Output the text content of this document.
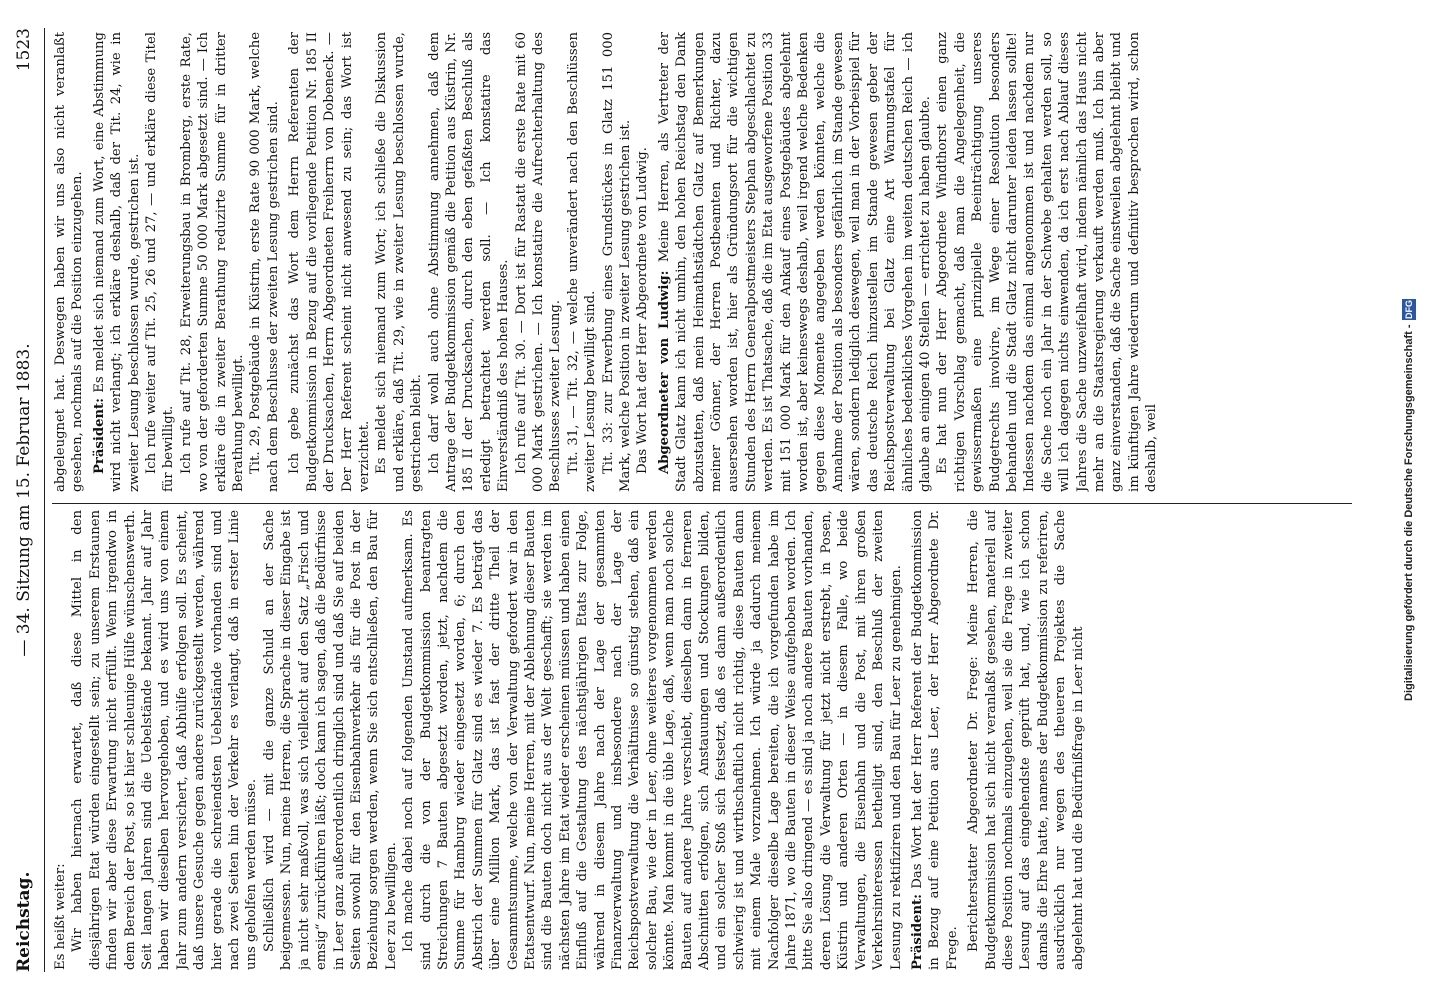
Reichstag.
— 34. Sitzung am 15. Februar 1883.
1523

Es heißt weiter: Wir haben hiernach erwartet, daß diese Mittel in den diesjährigen Etat würden eingestellt sein; zu unserem Erstaunen finden wir aber diese Erwartung nicht erfüllt. Wenn irgendwo in dem Bereich der Post, so ist hier schleunige Hülfe wünschenswerth. Seit langen Jahren sind die Uebelstände bekannt. Jahr auf Jahr haben wir dieselben hervorgehoben, und es wird uns von einem Jahr zum andern versichert, daß Abhülfe erfolgen soll. Es scheint, daß unsere Gesuche gegen andere zurückgestellt werden, während hier gerade die schreiendsten Uebelstände vorhanden sind und nach zwei Seiten hin der Verkehr es verlangt, daß in erster Linie uns geholfen werden müsse. Schließlich wird — mit die ganze Schuld an der Sache beigemessen. Nun, meine Herren, die Sprache in dieser Eingabe ist ja nicht sehr maßvoll, was sich vielleicht auf den Satz „Frisch und emsig“ zurückführen läßt; doch kann ich sagen, daß die Bedürfnisse in Leer ganz außerordentlich dringlich sind und daß Sie auf beiden Seiten sowohl für den Eisenbahnverkehr als für die Post in der Beziehung sorgen werden, wenn Sie sich entschließen, den Bau für Leer zu bewilligen. Ich mache dabei noch auf folgenden Umstand aufmerksam. Es sind durch die von der Budgetkommission beantragten Streichungen 7 Bauten abgesetzt worden, jetzt, nachdem die Summe für Hamburg wieder eingesetzt worden, 6; durch den Abstrich der Summen für Glatz sind es wieder 7. Es beträgt das über eine Million Mark, das ist fast der dritte Theil der Gesammtsumme, welche von der Verwaltung gefordert war in den Etatsentwurf. Nun, meine Herren, mit der Ablehnung dieser Bauten sind die Bauten doch nicht aus der Welt geschafft; sie werden im nächsten Jahre im Etat wieder erscheinen müssen und haben einen Einfluß auf die Gestaltung des nächstjährigen Etats zur Folge, während in diesem Jahre nach der Lage der gesammten Finanzverwaltung und insbesondere nach der Lage der Reichspostverwaltung die Verhältnisse so günstig stehen, daß ein solcher Bau, wie der in Leer, ohne weiteres vorgenommen werden könnte. Man kommt in die üble Lage, daß, wenn man noch solche Bauten auf andere Jahre verschiebt, dieselben dann in ferneren Abschnitten erfolgen, sich Anstauungen und Stockungen bilden, und ein solcher Stoß sich festsetzt, daß es dann außerordentlich schwierig ist und wirthschaftlich nicht richtig, diese Bauten dann mit einem Male vorzunehmen. Ich würde ja dadurch meinem Nachfolger dieselbe Lage bereiten, die ich vorgefunden habe im Jahre 1871, wo die Bauten in dieser Weise aufgehoben worden. Ich bitte Sie also dringend — es sind ja noch andere Bauten vorhanden, deren Lösung die Verwaltung für jetzt nicht erstrebt, in Posen, Küstrin und anderen Orten — in diesem Falle, wo beide Verwaltungen, die Eisenbahn und die Post, mit ihren großen Verkehrsinteressen betheiligt sind, den Beschluß der zweiten Lesung zu rektifiziren und den Bau für Leer zu genehmigen. Präsident: Das Wort hat der Herr Referent der Budgetkommission in Bezug auf eine Petition aus Leer, der Herr Abgeordnete Dr. Frege. Berichterstatter Abgeordneter Dr. Frege: Meine Herren, die Budgetkommission hat sich nicht veranlaßt gesehen, materiell auf diese Position nochmals einzugehen, weil sie die Frage in zweiter Lesung auf das eingehendste geprüft hat, und, wie ich schon damals die Ehre hatte, namens der Budgetkommission zu referiren, ausdrücklich nur wegen des theueren Projektes die Sache abgelehnt hat und die Bedürfnißfrage in Leer nicht

abgeleugnet hat. Deswegen haben wir uns also nicht veranlaßt gesehen, nochmals auf die Position einzugehen. Präsident: Es meldet sich niemand zum Wort, eine Abstimmung wird nicht verlangt; ich erkläre deshalb, daß der Tit. 24, wie in zweiter Lesung beschlossen wurde, gestrichen ist. Ich rufe weiter auf Tit. 25, 26 und 27, — und erkläre diese Titel für bewilligt. Ich rufe auf Tit. 28, Erweiterungsbau in Bromberg, erste Rate, wo von der geforderten Summe 50 000 Mark abgesetzt sind. — Ich erkläre die in zweiter Berathung reduzirte Summe für in dritter Berathung bewilligt. Tit. 29, Postgebäude in Küstrin, erste Rate 90 000 Mark, welche nach dem Beschlusse der zweiten Lesung gestrichen sind. Ich gebe zunächst das Wort dem Herrn Referenten der Budgetkommission in Bezug auf die vorliegende Petition Nr. 185 II der Drucksachen, Herrn Abgeordneten Freiherrn von Dobeneck. — Der Herr Referent scheint nicht anwesend zu sein; das Wort ist verzichtet. Es meldet sich niemand zum Wort; ich schließe die Diskussion und erkläre, daß Tit. 29, wie in zweiter Lesung beschlossen wurde, gestrichen bleibt. Ich darf wohl auch ohne Abstimmung annehmen, daß dem Antrage der Budgetkommission gemäß die Petition aus Küstrin, Nr. 185 II der Drucksachen, durch den eben gefaßten Beschluß als erledigt betrachtet werden soll. — Ich konstatire das Einverständniß des hohen Hauses. Ich rufe auf Tit. 30. — Dort ist für Rastatt die erste Rate mit 60 000 Mark gestrichen. — Ich konstatire die Aufrechterhaltung des Beschlusses zweiter Lesung. Tit. 31, — Tit. 32, — welche unverändert nach den Beschlüssen zweiter Lesung bewilligt sind. Tit. 33: zur Erwerbung eines Grundstückes in Glatz 151 000 Mark, welche Position in zweiter Lesung gestrichen ist. Das Wort hat der Herr Abgeordnete von Ludwig. Abgeordneter von Ludwig: Meine Herren, als Vertreter der Stadt Glatz kann ich nicht umhin, den hohen Reichstag den Dank abzustatten, daß mein Heimathstädtchen Glatz auf Bemerkungen meiner Gönner, der Herren Postbeamten und Richter, dazu ausersehen worden ist, hier als Gründungsort für die wichtigen Stunden des Herrn Generalpostmeisters Stephan abgeschlachtet zu werden. Es ist Thatsache, daß die im Etat ausgeworfene Position 33 mit 151 000 Mark für den Ankauf eines Postgebäudes abgelehnt worden ist, aber keineswegs deshalb, weil irgend welche Bedenken gegen diese Momente angegeben werden könnten, welche die Annahme der Position als besonders gefährlich im Stande gewesen wären, sondern lediglich deswegen, weil man in der Vorbeispiel für das deutsche Reich hinzustellen im Stande gewesen geber der Reichspostverwaltung bei Glatz eine Art Warnungstafel für ähnliches bedenkliches Vorgehen im weiten deutschen Reich — ich glaube an einigen 40 Stellen — errichtet zu haben glaubte. Es hat nun der Herr Abgeordnete Windthorst einen ganz richtigen Vorschlag gemacht, daß man die Angelegenheit, die gewissermaßen eine prinzipielle Beeinträchtigung unseres Budgetrechts involvire, im Wege einer Resolution besonders behandeln und die Stadt Glatz nicht darunter leiden lassen sollte! Indessen nachdem das einmal angenommen ist und nachdem nur die Sache noch ein Jahr in der Schwebe gehalten werden soll, so will ich dagegen nichts einwenden, da ich erst nach Ablauf dieses Jahres die Sache unzweifelhaft wird, indem nämlich das Haus nicht mehr an die Staatsregierung verkauft werden muß. Ich bin aber ganz einverstanden, daß die Sache einstweilen abgelehnt bleibt und im künftigen Jahre wiederum und definitiv besprochen wird, schon deshalb, weil	Digitalisierung gefördert durch die Deutsche Forschungsgemeinschaft - DFG
